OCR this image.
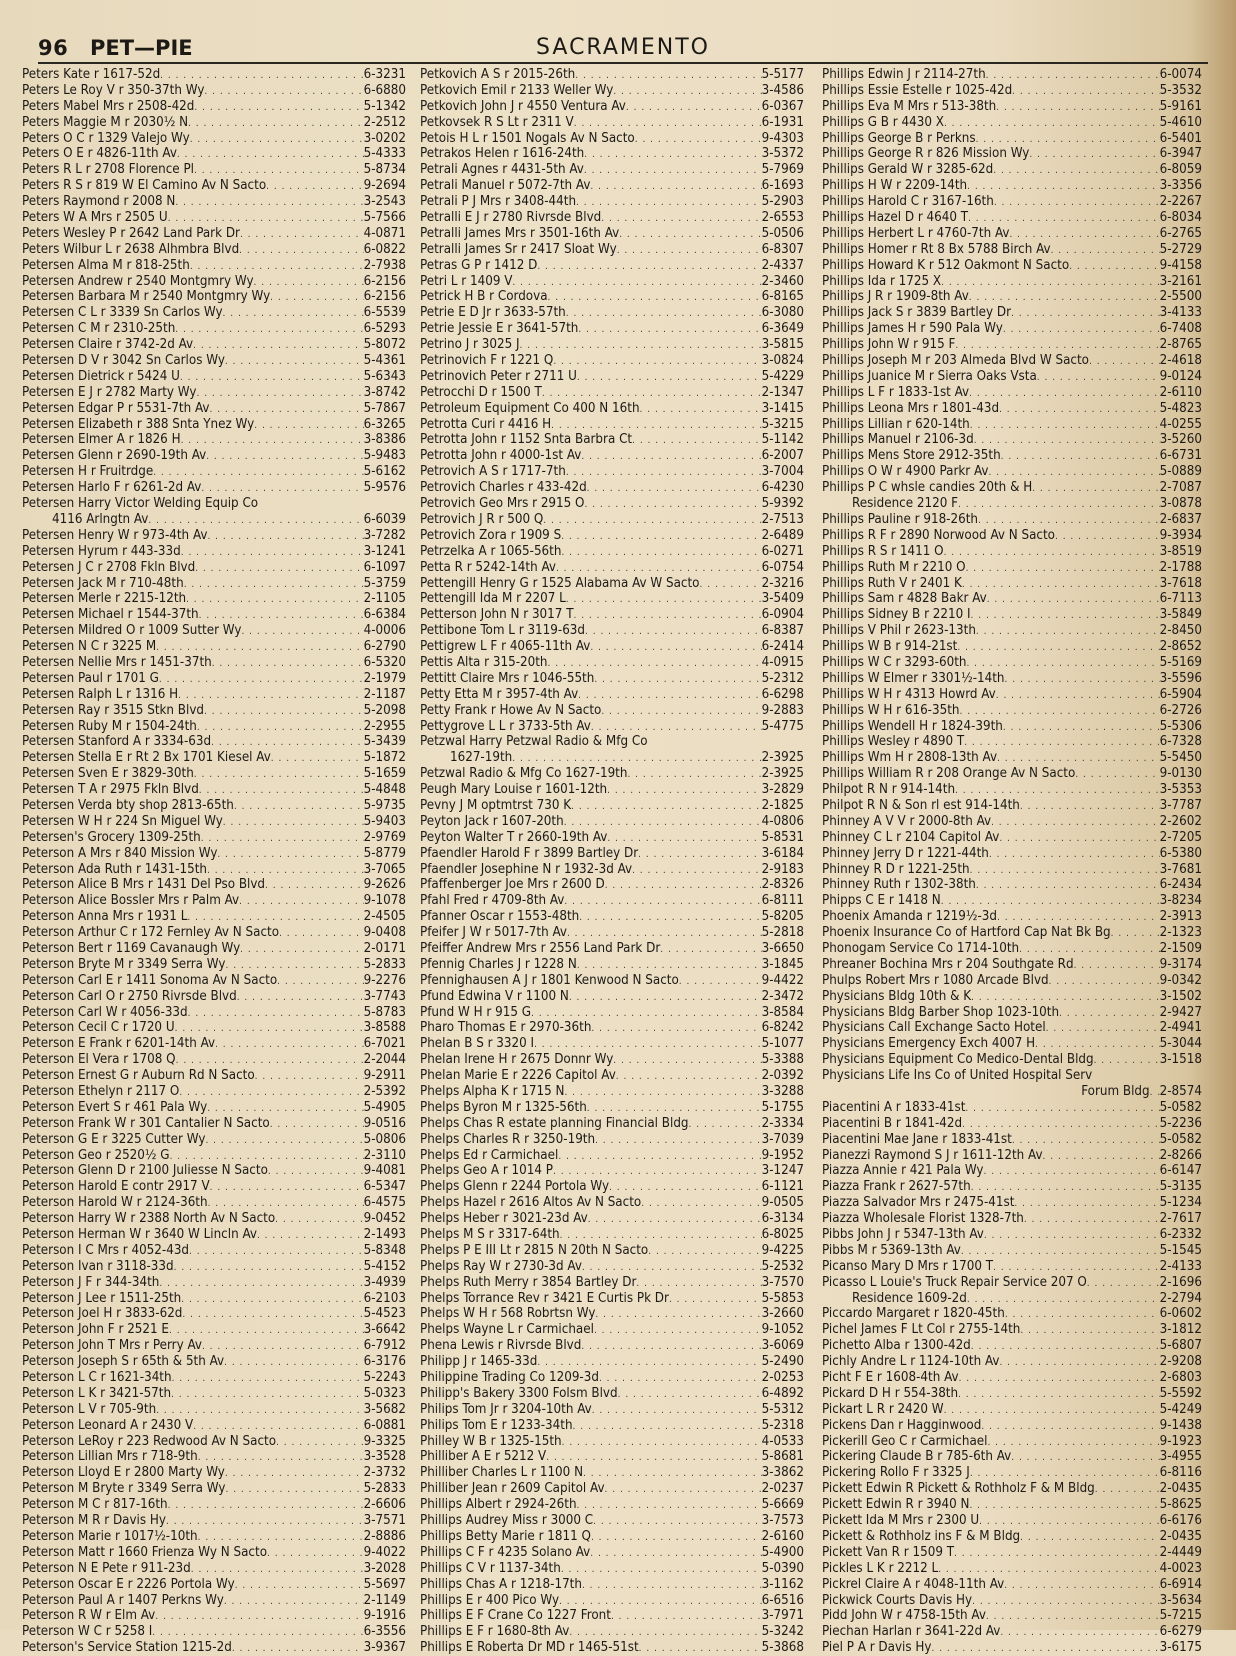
96 PET—PIE	SACRAMENTO
Peters Kate r 1617-52d . . .	6-3231
Peters Le Roy V r 350-37th Wy . . .	6-6880
Peters Mabel Mrs r 2508-42d . . .	5-1342
Peters Maggie M r 2030½ N . . .	2-2512
Peters O C r 1329 Valejo Wy . . .	3-0202
Peters O E r 4826-11th Av . . .	5-4333
Peters R L r 2708 Florence Pl . . .	5-8734
Peters R S r 819 W El Camino Av N Sacto . . .	9-2694
Peters Raymond r 2008 N . . .	3-2543
Peters W A Mrs r 2505 U . . .	5-7566
Peters Wesley P r 2642 Land Park Dr . . .	4-0871
Peters Wilbur L r 2638 Alhmbra Blvd . . .	6-0822
Petersen Alma M r 818-25th . . .	2-7938
Petersen Andrew r 2540 Montgmry Wy . . .	6-2156
Petersen Barbara M r 2540 Montgmry Wy . . .	6-2156
Petersen C L r 3339 Sn Carlos Wy . . .	6-5539
Petersen C M r 2310-25th . . .	6-5293
Petersen Claire r 3742-2d Av . . .	5-8072
Petersen D V r 3042 Sn Carlos Wy . . .	5-4361
Petersen Dietrick r 5424 U . . .	5-6343
Petersen E J r 2782 Marty Wy . . .	3-8742
Petersen Edgar P r 5531-7th Av . . .	5-7867
Petersen Elizabeth r 388 Snta Ynez Wy . . .	6-3265
Petersen Elmer A r 1826 H . . .	3-8386
Petersen Glenn r 2690-19th Av . . .	5-9483
Petersen H r Fruitrdge . . .	5-6162
Petersen Harlo F r 6261-2d Av . . .	5-9576
Petersen Harry Victor Welding Equip Co
4116 Arlngtn Av . . .	6-6039
Petersen Henry W r 973-4th Av . . .	3-7282
Petersen Hyrum r 443-33d . . .	3-1241
Petersen J C r 2708 Fkln Blvd . . .	6-1097
Petersen Jack M r 710-48th . . .	5-3759
Petersen Merle r 2215-12th . . .	2-1105
Petersen Michael r 1544-37th . . .	6-6384
Petersen Mildred O r 1009 Sutter Wy . . .	4-0006
Petersen N C r 3225 M . . .	6-2790
Petersen Nellie Mrs r 1451-37th . . .	6-5320
Petersen Paul r 1701 G . . .	2-1979
Petersen Ralph L r 1316 H . . .	2-1187
Petersen Ray r 3515 Stkn Blvd . . .	5-2098
Petersen Ruby M r 1504-24th . . .	2-2955
Petersen Stanford A r 3334-63d . . .	5-3439
Petersen Stella E r Rt 2 Bx 1701 Kiesel Av . . .	5-1872
Petersen Sven E r 3829-30th . . .	5-1659
Petersen T A r 2975 Fkln Blvd . . .	5-4848
Petersen Verda bty shop 2813-65th . . .	5-9735
Petersen W H r 224 Sn Miguel Wy . . .	5-9403
Petersen's Grocery 1309-25th . . .	2-9769
Peterson A Mrs r 840 Mission Wy . . .	5-8779
Peterson Ada Ruth r 1431-15th . . .	3-7065
Peterson Alice B Mrs r 1431 Del Pso Blvd . . .	9-2626
Peterson Alice Bossler Mrs r Palm Av . . .	9-1078
Peterson Anna Mrs r 1931 L . . .	2-4505
Peterson Arthur C r 172 Fernley Av N Sacto . . .	9-0408
Peterson Bert r 1169 Cavanaugh Wy . . .	2-0171
Peterson Bryte M r 3349 Serra Wy . . .	5-2833
Peterson Carl E r 1411 Sonoma Av N Sacto . . .	9-2276
Peterson Carl O r 2750 Rivrsde Blvd . . .	3-7743
Peterson Carl W r 4056-33d . . .	5-8783
Peterson Cecil C r 1720 U . . .	3-8588
Peterson E Frank r 6201-14th Av . . .	6-7021
Peterson El Vera r 1708 Q . . .	2-2044
Peterson Ernest G r Auburn Rd N Sacto . . .	9-2911
Peterson Ethelyn r 2117 O . . .	2-5392
Peterson Evert S r 461 Pala Wy . . .	5-4905
Peterson Frank W r 301 Cantalier N Sacto . . .	9-0516
Peterson G E r 3225 Cutter Wy . . .	5-0806
Peterson Geo r 2520½ G . . .	2-3110
Peterson Glenn D r 2100 Juliesse N Sacto . . .	9-4081
Peterson Harold E contr 2917 V . . .	6-5347
Peterson Harold W r 2124-36th . . .	6-4575
Peterson Harry W r 2388 North Av N Sacto . . .	9-0452
Peterson Herman W r 3640 W Lincln Av . . .	2-1493
Peterson I C Mrs r 4052-43d . . .	5-8348
Peterson Ivan r 3118-33d . . .	5-4152
Peterson J F r 344-34th . . .	3-4939
Peterson J Lee r 1511-25th . . .	6-2103
Peterson Joel H r 3833-62d . . .	5-4523
Peterson John F r 2521 E . . .	3-6642
Peterson John T Mrs r Perry Av . . .	6-7912
Peterson Joseph S r 65th & 5th Av . . .	6-3176
Peterson L C r 1621-34th . . .	5-2243
Peterson L K r 3421-57th . . .	5-0323
Peterson L V r 705-9th . . .	3-5682
Peterson Leonard A r 2430 V . . .	6-0881
Peterson LeRoy r 223 Redwood Av N Sacto . . .	9-3325
Peterson Lillian Mrs r 718-9th . . .	3-3528
Peterson Lloyd E r 2800 Marty Wy . . .	2-3732
Peterson M Bryte r 3349 Serra Wy . . .	5-2833
Peterson M C r 817-16th . . .	2-6606
Peterson M R r Davis Hy . . .	3-7571
Peterson Marie r 1017½-10th . . .	2-8886
Peterson Matt r 1660 Frienza Wy N Sacto . . .	9-4022
Peterson N E Pete r 911-23d . . .	3-2028
Peterson Oscar E r 2226 Portola Wy . . .	5-5697
Peterson Paul A r 1407 Perkns Wy . . .	2-1149
Peterson R W r Elm Av . . .	9-1916
Peterson W C r 5258 I . . .	6-3556
Peterson's Service Station 1215-2d . . .	3-9367
Petkovich A S r 2015-26th . . .	5-5177
Petkovich Emil r 2133 Weller Wy . . .	3-4586
Petkovich John J r 4550 Ventura Av . . .	6-0367
Petkovsek R S Lt r 2311 V . . .	6-1931
Petois H L r 1501 Nogals Av N Sacto . . .	9-4303
Petrakos Helen r 1616-24th . . .	3-5372
Petrali Agnes r 4431-5th Av . . .	5-7969
Petrali Manuel r 5072-7th Av . . .	6-1693
Petrali P J Mrs r 3408-44th . . .	5-2903
Petralli E J r 2780 Rivrsde Blvd . . .	2-6553
Petralli James Mrs r 3501-16th Av . . .	5-0506
Petralli James Sr r 2417 Sloat Wy . . .	6-8307
Petras G P r 1412 D . . .	2-4337
Petri L r 1409 V . . .	2-3460
Petrick H B r Cordova . . .	6-8165
Petrie E D Jr r 3633-57th . . .	6-3080
Petrie Jessie E r 3641-57th . . .	6-3649
Petrino J r 3025 J . . .	3-5815
Petrinovich F r 1221 Q . . .	3-0824
Petrinovich Peter r 2711 U . . .	5-4229
Petrocchi D r 1500 T . . .	2-1347
Petroleum Equipment Co 400 N 16th . . .	3-1415
Petrotta Curi r 4416 H . . .	5-3215
Petrotta John r 1152 Snta Barbra Ct . . .	5-1142
Petrotta John r 4000-1st Av . . .	6-2007
Petrovich A S r 1717-7th . . .	3-7004
Petrovich Charles r 433-42d . . .	6-4230
Petrovich Geo Mrs r 2915 O . . .	5-9392
Petrovich J R r 500 Q . . .	2-7513
Petrovich Zora r 1909 S . . .	2-6489
Petrzelka A r 1065-56th . . .	6-0271
Petta R r 5242-14th Av . . .	6-0754
Pettengill Henry G r 1525 Alabama Av W Sacto . . .	2-3216
Pettengill Ida M r 2207 L . . .	3-5409
Petterson John N r 3017 T . . .	6-0904
Pettibone Tom L r 3119-63d . . .	6-8387
Pettigrew L F r 4065-11th Av . . .	6-2414
Pettis Alta r 315-20th . . .	4-0915
Pettitt Claire Mrs r 1046-55th . . .	5-2312
Petty Etta M r 3957-4th Av . . .	6-6298
Petty Frank r Howe Av N Sacto . . .	9-2883
Pettygrove L L r 3733-5th Av . . .	5-4775
Petzwal Harry Petzwal Radio & Mfg Co
1627-19th . . .	2-3925
Petzwal Radio & Mfg Co 1627-19th . . .	2-3925
Peugh Mary Louise r 1601-12th . . .	3-2829
Pevny J M optmtrst 730 K . . .	2-1825
Peyton Jack r 1607-20th . . .	4-0806
Peyton Walter T r 2660-19th Av . . .	5-8531
Pfaendler Harold F r 3899 Bartley Dr . . .	3-6184
Pfaendler Josephine N r 1932-3d Av . . .	2-9183
Pfaffenberger Joe Mrs r 2600 D . . .	2-8326
Pfahl Fred r 4709-8th Av . . .	6-8111
Pfanner Oscar r 1553-48th . . .	5-8205
Pfeifer J W r 5017-7th Av . . .	5-2818
Pfeiffer Andrew Mrs r 2556 Land Park Dr . . .	3-6650
Pfennig Charles J r 1228 N . . .	3-1845
Pfennighausen A J r 1801 Kenwood N Sacto . . .	9-4422
Pfund Edwina V r 1100 N . . .	2-3472
Pfund W H r 915 G . . .	3-8584
Pharo Thomas E r 2970-36th . . .	6-8242
Phelan B S r 3320 I . . .	5-1077
Phelan Irene H r 2675 Donnr Wy . . .	5-3388
Phelan Marie E r 2226 Capitol Av . . .	2-0392
Phelps Alpha K r 1715 N . . .	3-3288
Phelps Byron M r 1325-56th . . .	5-1755
Phelps Chas R estate planning Financial Bldg . . .	2-3334
Phelps Charles R r 3250-19th . . .	3-7039
Phelps Ed r Carmichael . . .	9-1952
Phelps Geo A r 1014 P . . .	3-1247
Phelps Glenn r 2244 Portola Wy . . .	6-1121
Phelps Hazel r 2616 Altos Av N Sacto . . .	9-0505
Phelps Heber r 3021-23d Av . . .	6-3134
Phelps M S r 3317-64th . . .	6-8025
Phelps P E III Lt r 2815 N 20th N Sacto . . .	9-4225
Phelps Ray W r 2730-3d Av . . .	5-2532
Phelps Ruth Merry r 3854 Bartley Dr . . .	3-7570
Phelps Torrance Rev r 3421 E Curtis Pk Dr . . .	5-5853
Phelps W H r 568 Robrtsn Wy . . .	3-2660
Phelps Wayne L r Carmichael . . .	9-1052
Phena Lewis r Rivrsde Blvd . . .	3-6069
Philipp J r 1465-33d . . .	5-2490
Philippine Trading Co 1209-3d . . .	2-0253
Philipp's Bakery 3300 Folsm Blvd . . .	6-4892
Philips Tom Jr r 3204-10th Av . . .	5-5312
Philips Tom E r 1233-34th . . .	5-2318
Philley W B r 1325-15th . . .	4-0533
Philliber A E r 5212 V . . .	5-8681
Philliber Charles L r 1100 N . . .	3-3862
Philliber Jean r 2609 Capitol Av . . .	2-0237
Phillips Albert r 2924-26th . . .	5-6669
Phillips Audrey Miss r 3000 C . . .	3-7573
Phillips Betty Marie r 1811 Q . . .	2-6160
Phillips C F r 4235 Solano Av . . .	5-4900
Phillips C V r 1137-34th . . .	5-0390
Phillips Chas A r 1218-17th . . .	3-1162
Phillips E r 400 Pico Wy . . .	6-6516
Phillips E F Crane Co 1227 Front . . .	3-7971
Phillips E F r 1680-8th Av . . .	5-3242
Phillips E Roberta Dr MD r 1465-51st . . .	5-3868
Phillips Edwin J r 2114-27th . . .	6-0074
Phillips Essie Estelle r 1025-42d . . .	5-3532
Phillips Eva M Mrs r 513-38th . . .	5-9161
Phillips G B r 4430 X . . .	5-4610
Phillips George B r Perkns . . .	6-5401
Phillips George R r 826 Mission Wy . . .	6-3947
Phillips Gerald W r 3285-62d . . .	6-8059
Phillips H W r 2209-14th . . .	3-3356
Phillips Harold C r 3167-16th . . .	2-2267
Phillips Hazel D r 4640 T . . .	6-8034
Phillips Herbert L r 4760-7th Av . . .	6-2765
Phillips Homer r Rt 8 Bx 5788 Birch Av . . .	5-2729
Phillips Howard K r 512 Oakmont N Sacto . . .	9-4158
Phillips Ida r 1725 X . . .	3-2161
Phillips J R r 1909-8th Av . . .	2-5500
Phillips Jack S r 3839 Bartley Dr . . .	3-4133
Phillips James H r 590 Pala Wy . . .	6-7408
Phillips John W r 915 F . . .	2-8765
Phillips Joseph M r 203 Almeda Blvd W Sacto . . .	2-4618
Phillips Juanice M r Sierra Oaks Vsta . . .	9-0124
Phillips L F r 1833-1st Av . . .	2-6110
Phillips Leona Mrs r 1801-43d . . .	5-4823
Phillips Lillian r 620-14th . . .	4-0255
Phillips Manuel r 2106-3d . . .	3-5260
Phillips Mens Store 2912-35th . . .	6-6731
Phillips O W r 4900 Parkr Av . . .	5-0889
Phillips P C whsle candies 20th & H . . .	2-7087
Residence 2120 F . . .	3-0878
Phillips Pauline r 918-26th . . .	2-6837
Phillips R F r 2890 Norwood Av N Sacto . . .	9-3934
Phillips R S r 1411 O . . .	3-8519
Phillips Ruth M r 2210 O . . .	2-1788
Phillips Ruth V r 2401 K . . .	3-7618
Phillips Sam r 4828 Bakr Av . . .	6-7113
Phillips Sidney B r 2210 I . . .	3-5849
Phillips V Phil r 2623-13th . . .	2-8450
Phillips W B r 914-21st . . .	2-8652
Phillips W C r 3293-60th . . .	5-5169
Phillips W Elmer r 3301½-14th . . .	3-5596
Phillips W H r 4313 Howrd Av . . .	6-5904
Phillips W H r 616-35th . . .	6-2726
Phillips Wendell H r 1824-39th . . .	5-5306
Phillips Wesley r 4890 T . . .	6-7328
Phillips Wm H r 2808-13th Av . . .	5-5450
Phillips William R r 208 Orange Av N Sacto . . .	9-0130
Philpot R N r 914-14th . . .	3-5353
Philpot R N & Son rl est 914-14th . . .	3-7787
Phinney A V V r 2000-8th Av . . .	2-2602
Phinney C L r 2104 Capitol Av . . .	2-7205
Phinney Jerry D r 1221-44th . . .	6-5380
Phinney R D r 1221-25th . . .	3-7681
Phinney Ruth r 1302-38th . . .	6-2434
Phipps C E r 1418 N . . .	3-8234
Phoenix Amanda r 1219½-3d . . .	2-3913
Phoenix Insurance Co of Hartford Cap Nat Bk Bg . . .	2-1323
Phonogam Service Co 1714-10th . . .	2-1509
Phreaner Bochina Mrs r 204 Southgate Rd . . .	9-3174
Phulps Robert Mrs r 1080 Arcade Blvd . . .	9-0342
Physicians Bldg 10th & K . . .	3-1502
Physicians Bldg Barber Shop 1023-10th . . .	2-9427
Physicians Call Exchange Sacto Hotel . . .	2-4941
Physicians Emergency Exch 4007 H . . .	5-3044
Physicians Equipment Co Medico-Dental Bldg . . .	3-1518
Physicians Life Ins Co of United Hospital Serv
Forum Bldg . . . 2-8574
Piacentini A r 1833-41st . . .	5-0582
Piacentini B r 1841-42d . . .	5-2236
Piacentini Mae Jane r 1833-41st . . .	5-0582
Pianezzi Raymond S J r 1611-12th Av . . .	2-8266
Piazza Annie r 421 Pala Wy . . .	6-6147
Piazza Frank r 2627-57th . . .	5-3135
Piazza Salvador Mrs r 2475-41st . . .	5-1234
Piazza Wholesale Florist 1328-7th . . .	2-7617
Pibbs John J r 5347-13th Av . . .	6-2332
Pibbs M r 5369-13th Av . . .	5-1545
Picanso Mary D Mrs r 1700 T . . .	2-4133
Picasso L Louie's Truck Repair Service 207 O . . .	2-1696
Residence 1609-2d . . .	2-2794
Piccardo Margaret r 1820-45th . . .	6-0602
Pichel James F Lt Col r 2755-14th . . .	3-1812
Pichetto Alba r 1300-42d . . .	5-6807
Pichly Andre L r 1124-10th Av . . .	2-9208
Picht F E r 1608-4th Av . . .	2-6803
Pickard D H r 554-38th . . .	5-5592
Pickart L R r 2420 W . . .	5-4249
Pickens Dan r Hagginwood . . .	9-1438
Pickerill Geo C r Carmichael . . .	9-1923
Pickering Claude B r 785-6th Av . . .	3-4955
Pickering Rollo F r 3325 J . . .	6-8116
Pickett Edwin R Pickett & Rothholz F & M Bldg . . .	2-0435
Pickett Edwin R r 3940 N . . .	5-8625
Pickett Ida M Mrs r 2300 U . . .	6-6176
Pickett & Rothholz ins F & M Bldg . . .	2-0435
Pickett Van R r 1509 T . . .	2-4449
Pickles L K r 2212 L . . .	4-0023
Pickrel Claire A r 4048-11th Av . . .	6-6914
Pickwick Courts Davis Hy . . .	3-5634
Pidd John W r 4758-15th Av . . .	5-7215
Piechan Harlan r 3641-22d Av . . .	6-6279
Piel P A r Davis Hy . . .	3-6175
